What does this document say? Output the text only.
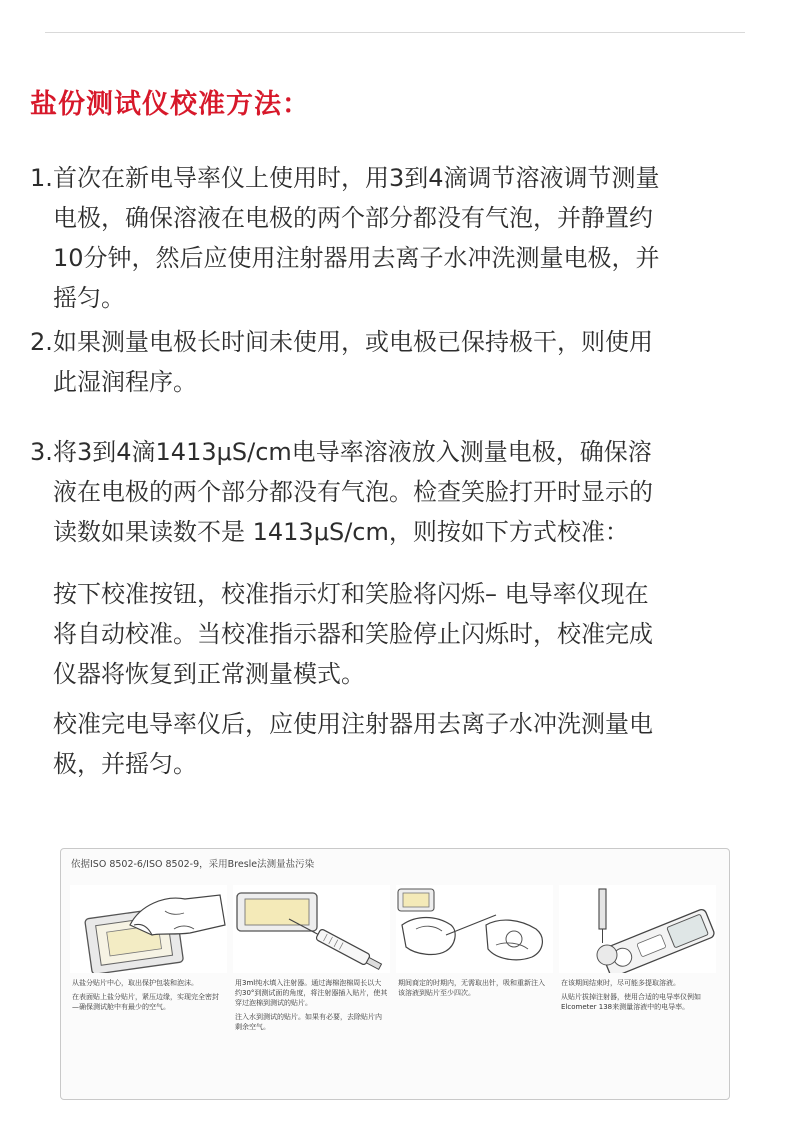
盐份测试仪校准方法：
1. 首次在新电导率仪上使用时，用3到4滴调节溶液调节测量
电极，确保溶液在电极的两个部分都没有气泡，并静置约
10分钟，然后应使用注射器用去离子水冲洗测量电极，并
摇匀。
2. 如果测量电极长时间未使用，或电极已保持极干，则使用
此湿润程序。
3. 将3到4滴1413μS/cm电导率溶液放入测量电极，确保溶
液在电极的两个部分都没有气泡。检查笑脸打开时显示的
读数如果读数不是 1413μS/cm，则按如下方式校准：
按下校准按钮，校准指示灯和笑脸将闪烁– 电导率仪现在
将自动校准。当校准指示器和笑脸停止闪烁时，校准完成
仪器将恢复到正常测量模式。
校准完电导率仪后，应使用注射器用去离子水冲洗测量电
极，并摇匀。
依据ISO 8502-6/ISO 8502-9，采用Bresle法测量盐污染

从盐分贴片中心，取出保护包装和泡沫。

在表面贴上盐分贴片，紧压边缘，实现完全密封—确保测试舱中有最少的空气。

用3ml纯水填入注射器。通过海棉泡棉周长以大约30°到测试面的角度，将注射器插入贴片，使其穿过泡棉到测试的贴片。

注入水到测试的贴片。如果有必要，去除贴片内剩余空气。

期间商定的时期内，无需取出针，吸和重新注入该溶液到贴片至少四次。

在该期间结束时，尽可能多提取溶液。

从贴片拔掉注射器，使用合适的电导率仪例如Elcometer 138来测量溶液中的电导率。
